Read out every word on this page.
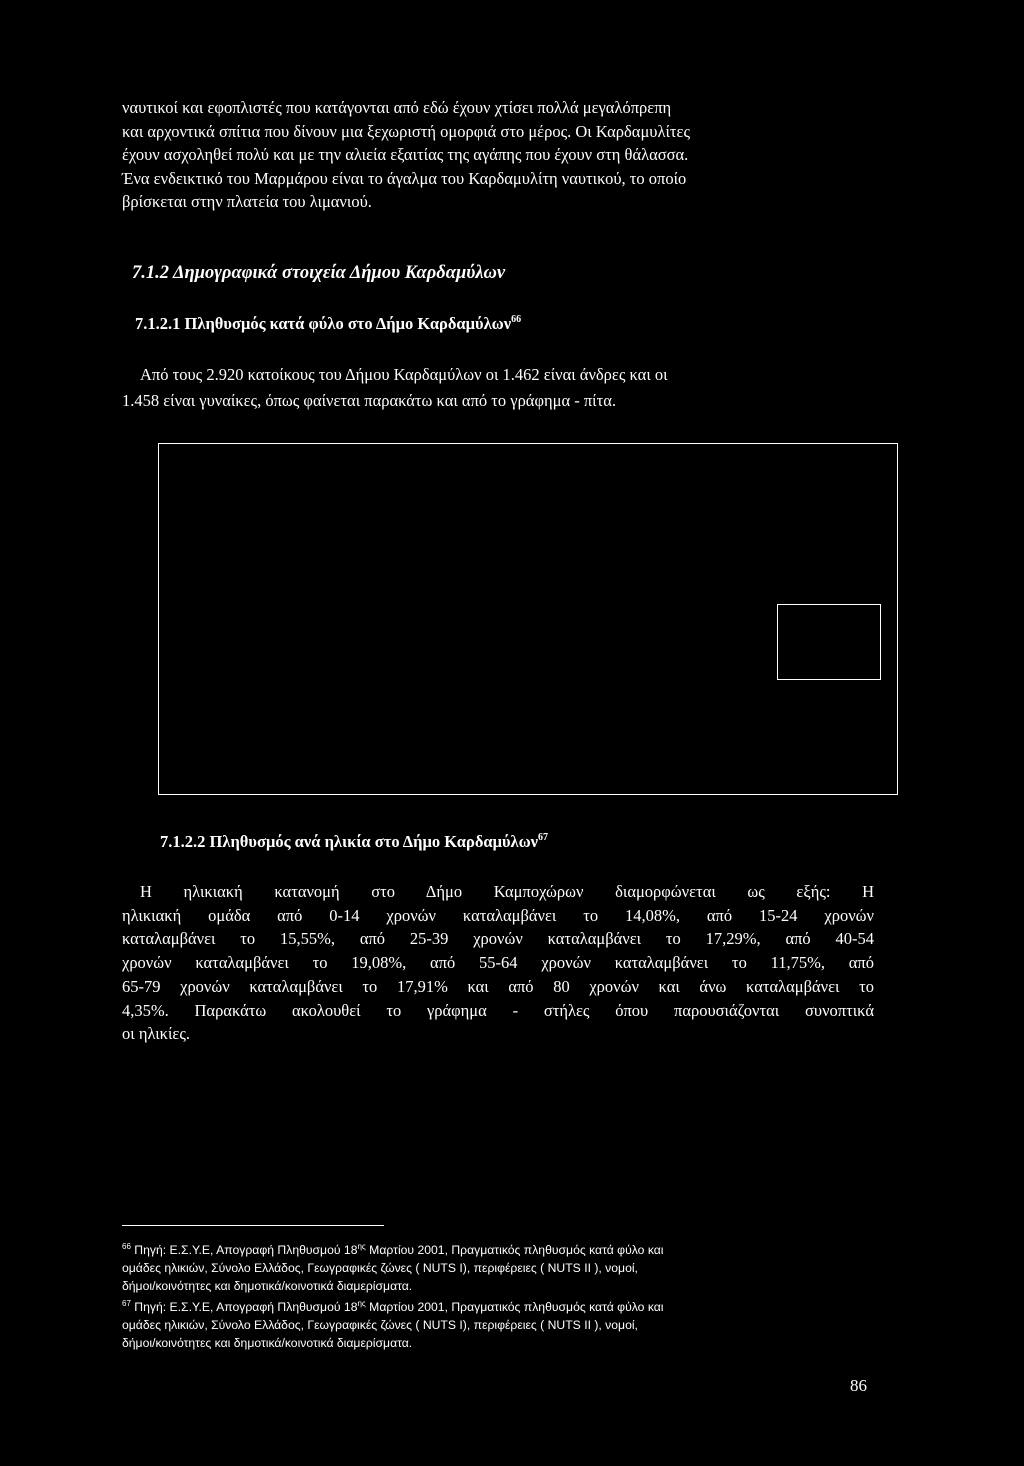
ναυτικοί και εφοπλιστές που κατάγονται από εδώ έχουν χτίσει πολλά μεγαλόπρεπη
και αρχοντικά σπίτια που δίνουν μια ξεχωριστή ομορφιά στο μέρος. Οι Καρδαμυλίτες
έχουν ασχοληθεί πολύ και με την αλιεία εξαιτίας της αγάπης που έχουν στη θάλασσα.
Ένα ενδεικτικό του Μαρμάρου είναι το άγαλμα του Καρδαμυλίτη ναυτικού, το οποίο
βρίσκεται στην πλατεία του λιμανιού.
7.1.2 Δημογραφικά στοιχεία Δήμου Καρδαμύλων
7.1.2.1 Πληθυσμός κατά φύλο στο Δήμο Καρδαμύλων$^{66}$
Από τους 2.920 κατοίκους του Δήμου Καρδαμύλων οι 1.462 είναι άνδρες και οι
1.458 είναι γυναίκες, όπως φαίνεται παρακάτω και από το γράφημα - πίτα.
7.1.2.2 Πληθυσμός ανά ηλικία στο Δήμο Καρδαμύλων$^{67}$
Η ηλικιακή κατανομή στο Δήμο Καμποχώρων διαμορφώνεται ως εξής: Η
ηλικιακή ομάδα από 0-14 χρονών καταλαμβάνει το 14,08%, από 15-24 χρονών
καταλαμβάνει το 15,55%, από 25-39 χρονών καταλαμβάνει το 17,29%, από 40-54
χρονών καταλαμβάνει το 19,08%, από 55-64 χρονών καταλαμβάνει το 11,75%, από
65-79 χρονών καταλαμβάνει το 17,91% και από 80 χρονών και άνω καταλαμβάνει το
4,35%. Παρακάτω ακολουθεί το γράφημα - στήλες όπου παρουσιάζονται συνοπτικά
οι ηλικίες.
$^{66}$ Πηγή: Ε.Σ.Υ.Ε, Απογραφή Πληθυσμού $18^{\eta\varsigma}$ Μαρτίου 2001, Πραγματικός πληθυσμός κατά φύλο και
ομάδες ηλικιών, Σύνολο Ελλάδος, Γεωγραφικές ζώνες ( NUTS I), περιφέρειες ( NUTS II ), νομοί,
δήμοι/κοινότητες και δημοτικά/κοινοτικά διαμερίσματα.
$^{67}$ Πηγή: Ε.Σ.Υ.Ε, Απογραφή Πληθυσμού $18^{\eta\varsigma}$ Μαρτίου 2001, Πραγματικός πληθυσμός κατά φύλο και
ομάδες ηλικιών, Σύνολο Ελλάδος, Γεωγραφικές ζώνες ( NUTS I), περιφέρειες ( NUTS II ), νομοί,
δήμοι/κοινότητες και δημοτικά/κοινοτικά διαμερίσματα.
86
